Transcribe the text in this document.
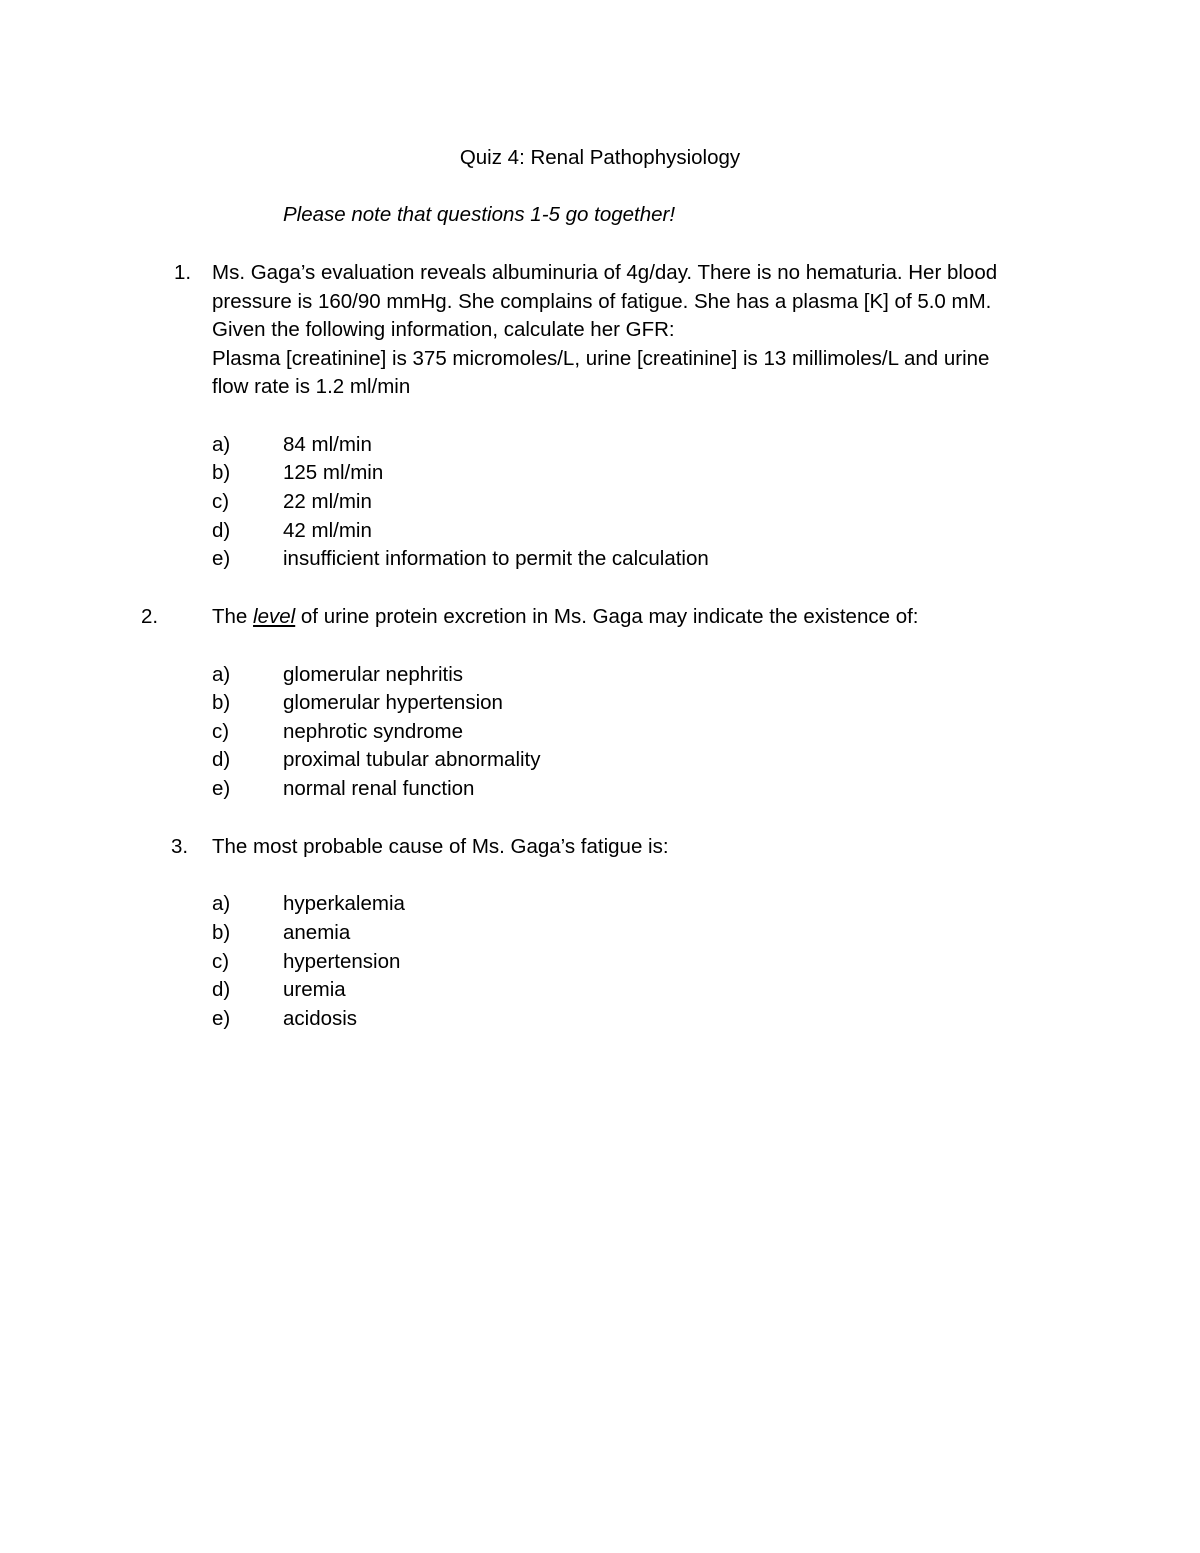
Quiz 4: Renal Pathophysiology
Please note that questions 1-5 go together!
1. Ms. Gaga’s evaluation reveals albuminuria of 4g/day. There is no hematuria. Her blood
pressure is 160/90 mmHg. She complains of fatigue. She has a plasma [K] of 5.0 mM.
Given the following information, calculate her GFR:
Plasma [creatinine] is 375 micromoles/L, urine [creatinine] is 13 millimoles/L and urine
flow rate is 1.2 ml/min
a)	84 ml/min
b)	125 ml/min
c)	22 ml/min
d)	42 ml/min
e)	insufficient information to permit the calculation
2.	The level of urine protein excretion in Ms. Gaga may indicate the existence of:
a)	glomerular nephritis
b)	glomerular hypertension
c)	nephrotic syndrome
d)	proximal tubular abnormality
e)	normal renal function
3. The most probable cause of Ms. Gaga’s fatigue is:
a)	hyperkalemia
b)	anemia
c)	hypertension
d)	uremia
e)	acidosis
